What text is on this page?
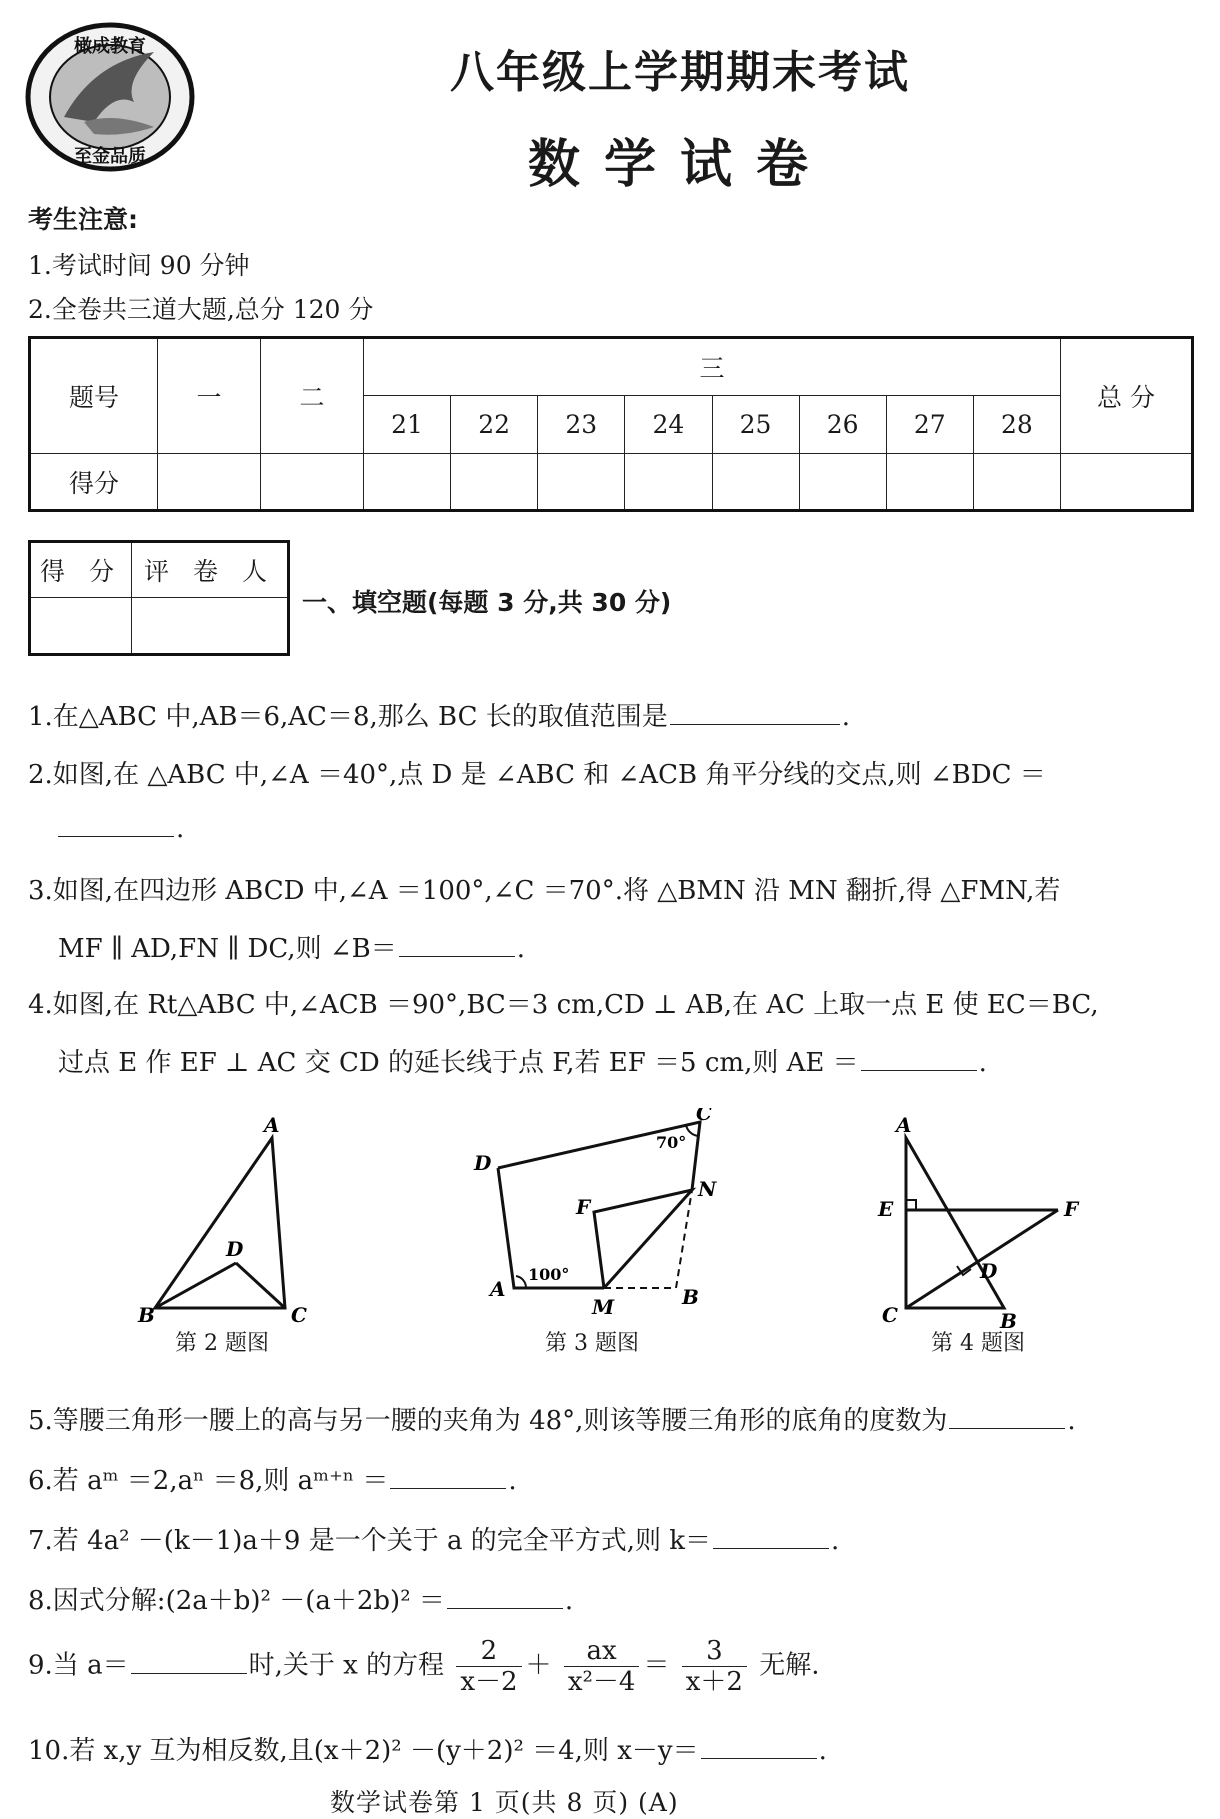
橄成教育
至金品质
八年级上学期期末考试
数学试卷
考生注意:
1.考试时间 90 分钟
2.全卷共三道大题,总分 120 分
题号	一	二	三								总 分
			21	22	23	24	25	26	27	28	
得分											
得 分	评 卷 人

一、填空题(每题 3 分,共 30 分)
1.在△ABC 中,AB＝6,AC＝8,那么 BC 长的取值范围是	.
2.如图,在 △ABC 中,∠A ＝40°,点 D 是 ∠ABC 和 ∠ACB 角平分线的交点,则 ∠BDC ＝
.
3.如图,在四边形 ABCD 中,∠A ＝100°,∠C ＝70°.将 △BMN 沿 MN 翻折,得 △FMN,若
MF ∥ AD,FN ∥ DC,则 ∠B＝	.
4.如图,在 Rt△ABC 中,∠ACB ＝90°,BC＝3 cm,CD ⊥ AB,在 AC 上取一点 E 使 EC＝BC,
过点 E 作 EF ⊥ AC 交 CD 的延长线于点 F,若 EF ＝5 cm,则 AE ＝	.
A
B	C
D
第 2 题图
A	B
C
D
F
M
N
100°
70°
第 3 题图
A
B
C
D
E	F
第 4 题图
5.等腰三角形一腰上的高与另一腰的夹角为 48°,则该等腰三角形的底角的度数为	.
6.若 aᵐ ＝2,aⁿ ＝8,则 aᵐ⁺ⁿ ＝	.
7.若 4a² －(k－1)a＋9 是一个关于 a 的完全平方式,则 k＝	.
8.因式分解:(2a＋b)² －(a＋2b)² ＝	.
9.当 a＝	时,关于 x 的方程 $\frac{2}{x-2} + \frac{ax}{\text{x²－4}} = \frac{3}{x+2}$ 无解.
10.若 x,y 互为相反数,且(x＋2)² －(y＋2)² ＝4,则 x－y＝	.
数学试卷第 1 页(共 8 页) (A)
